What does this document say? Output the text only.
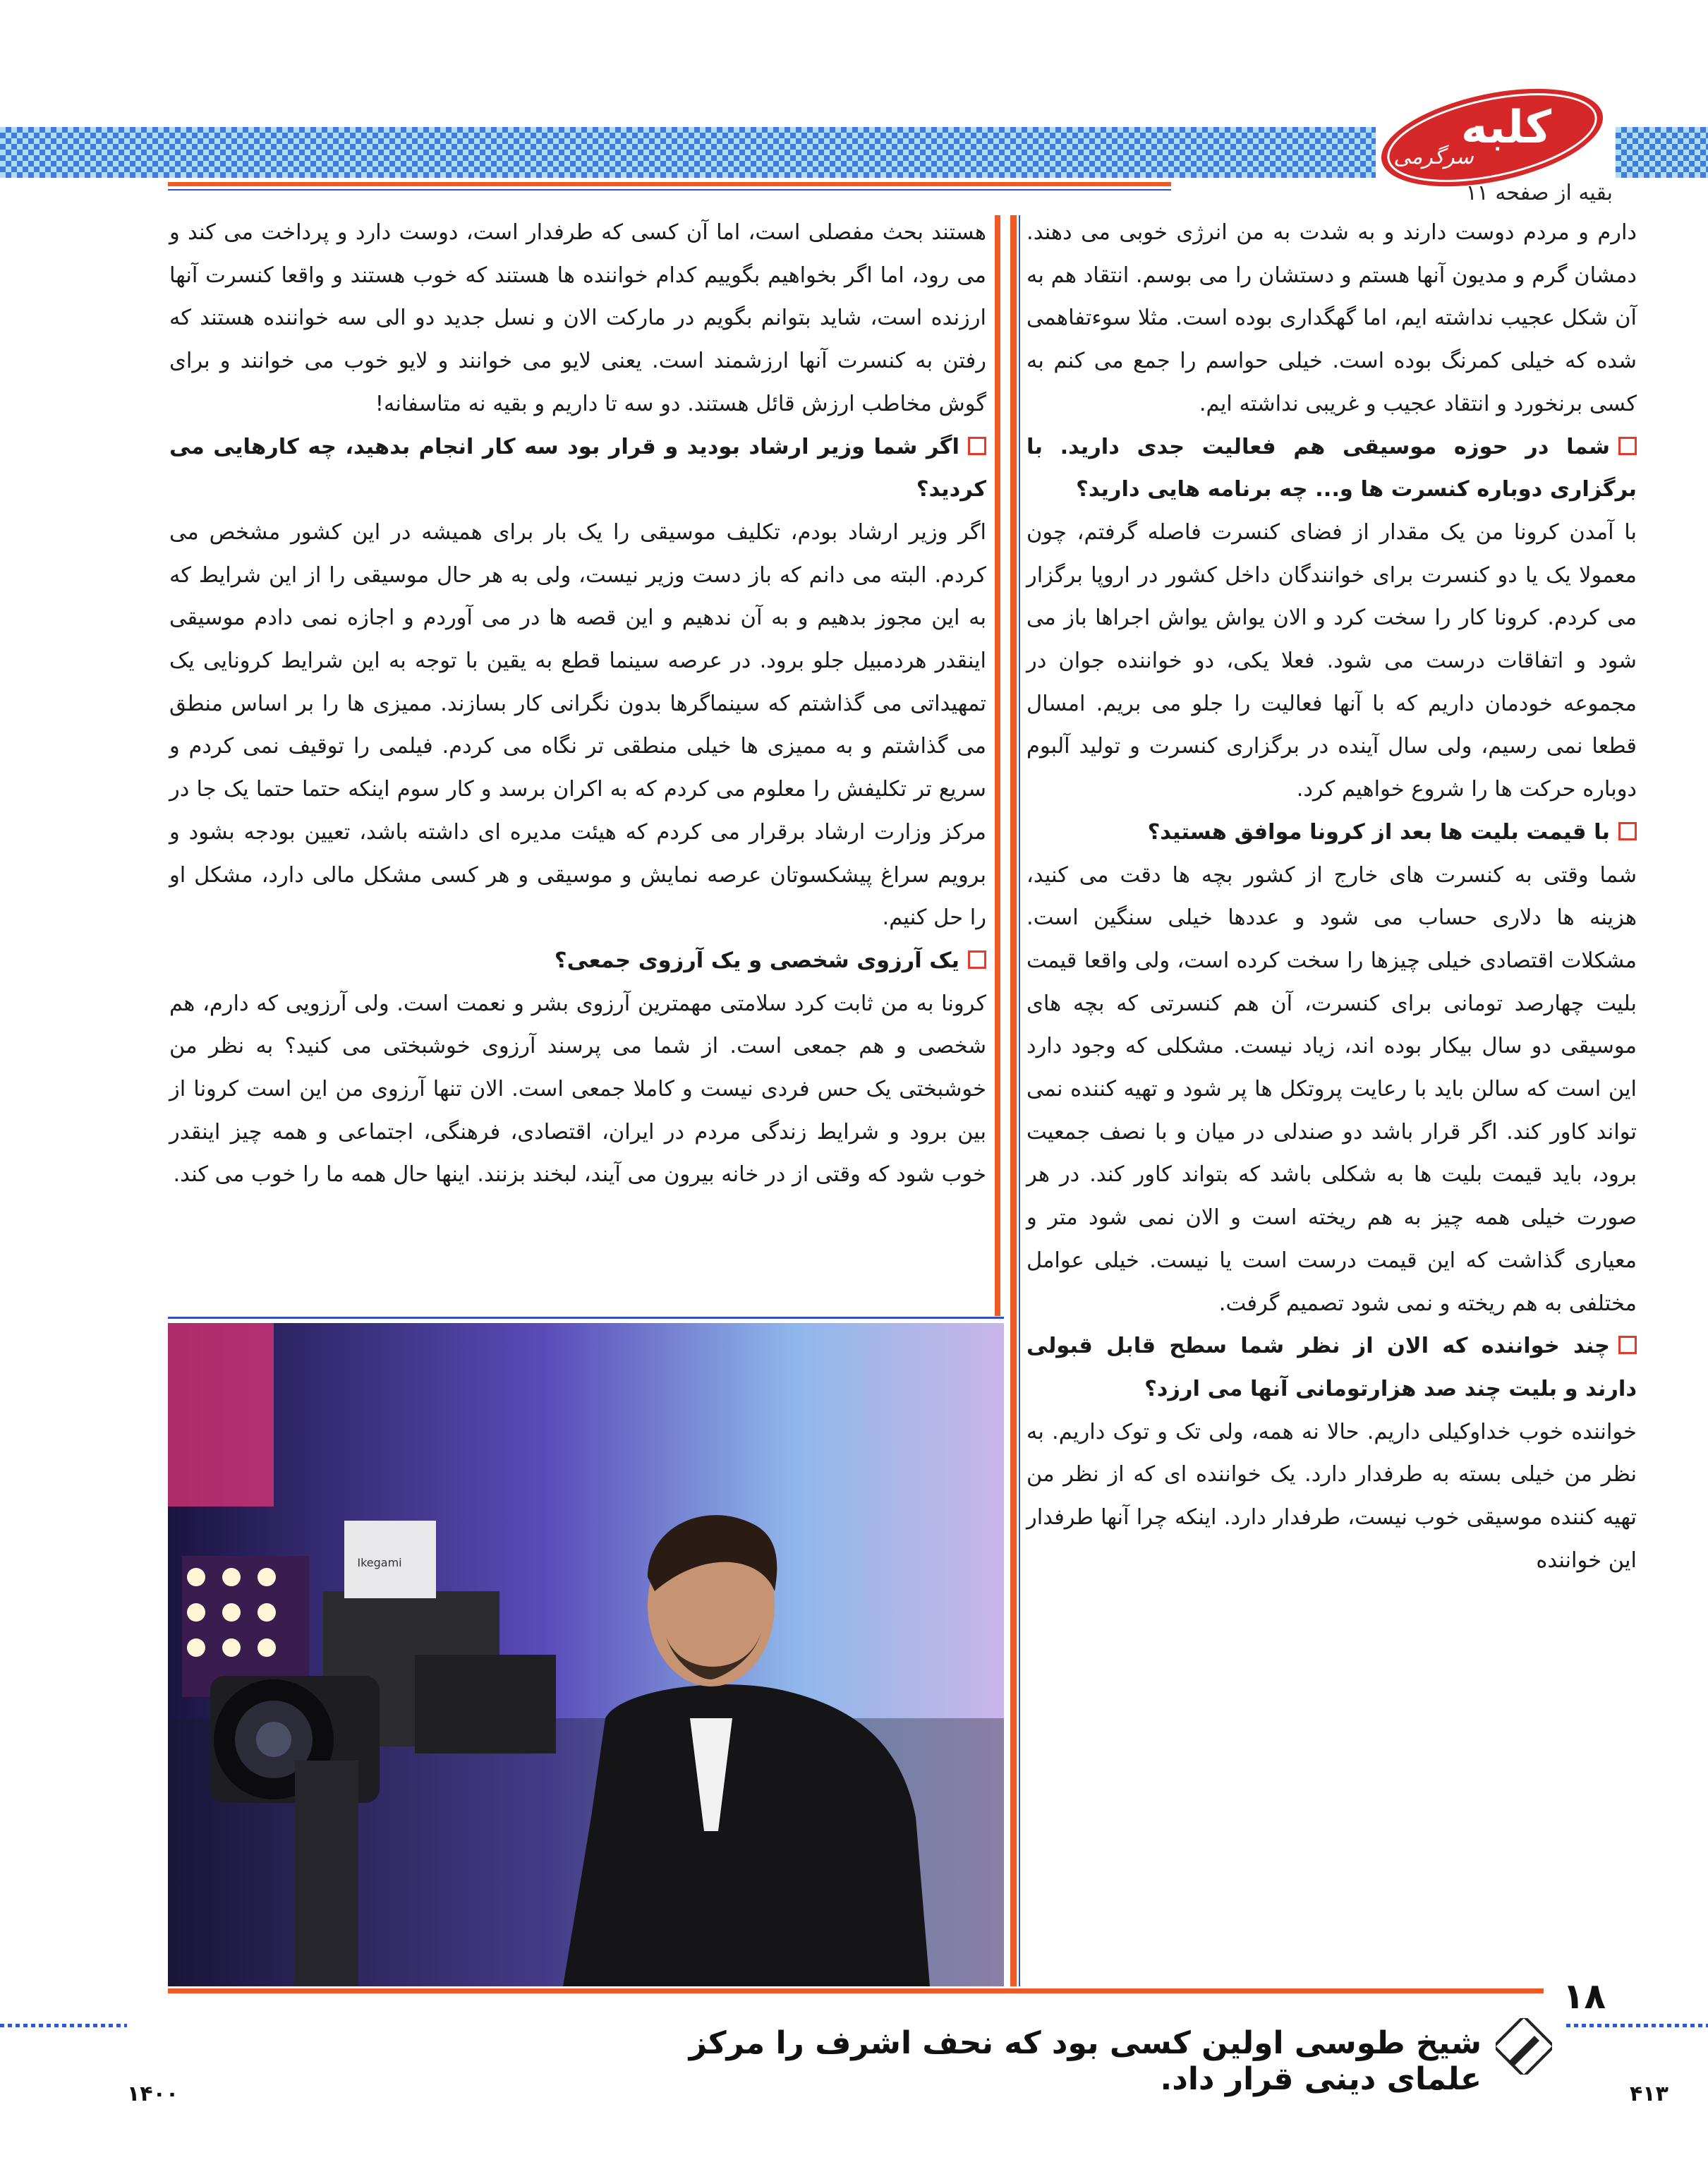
کلبه
سرگرمی
بقیه از صفحه ۱۱

دارم و مردم دوست دارند و به شدت به من انرژی خوبی می دهند. دمشان گرم و مدیون آنها هستم و دستشان را می بوسم. انتقاد هم به آن شکل عجیب نداشته ایم، اما گهگداری بوده است. مثلا سوءتفاهمی شده که خیلی کمرنگ بوده است. خیلی حواسم را جمع می کنم به کسی برنخورد و انتقاد عجیب و غریبی نداشته ایم.

شما در حوزه موسیقی هم فعالیت جدی دارید. با برگزاری دوباره کنسرت ها و... چه برنامه هایی دارید؟

با آمدن کرونا من یک مقدار از فضای کنسرت فاصله گرفتم، چون معمولا یک یا دو کنسرت برای خوانندگان داخل کشور در اروپا برگزار می کردم. کرونا کار را سخت کرد و الان یواش یواش اجراها باز می شود و اتفاقات درست می شود. فعلا یکی، دو خواننده جوان در مجموعه خودمان داریم که با آنها فعالیت را جلو می بریم. امسال قطعا نمی رسیم، ولی سال آینده در برگزاری کنسرت و تولید آلبوم دوباره حرکت ها را شروع خواهیم کرد.

با قیمت بلیت ها بعد از کرونا موافق هستید؟

شما وقتی به کنسرت های خارج از کشور بچه ها دقت می کنید، هزینه ها دلاری حساب می شود و عددها خیلی سنگین است. مشکلات اقتصادی خیلی چیزها را سخت کرده است، ولی واقعا قیمت بلیت چهارصد تومانی برای کنسرت، آن هم کنسرتی که بچه های موسیقی دو سال بیکار بوده اند، زیاد نیست. مشکلی که وجود دارد این است که سالن باید با رعایت پروتکل ها پر شود و تهیه کننده نمی تواند کاور کند. اگر قرار باشد دو صندلی در میان و با نصف جمعیت برود، باید قیمت بلیت ها به شکلی باشد که بتواند کاور کند. در هر صورت خیلی همه چیز به هم ریخته است و الان نمی شود متر و معیاری گذاشت که این قیمت درست است یا نیست. خیلی عوامل مختلفی به هم ریخته و نمی شود تصمیم گرفت.

چند خواننده که الان از نظر شما سطح قابل قبولی دارند و بلیت چند صد هزارتومانی آنها می ارزد؟

خواننده خوب خداوکیلی داریم. حالا نه همه، ولی تک و توک داریم. به نظر من خیلی بسته به طرفدار دارد. یک خواننده ای که از نظر من تهیه کننده موسیقی خوب نیست، طرفدار دارد. اینکه چرا آنها طرفدار این خواننده

هستند بحث مفصلی است، اما آن کسی که طرفدار است، دوست دارد و پرداخت می کند و می رود، اما اگر بخواهیم بگوییم کدام خواننده ها هستند که خوب هستند و واقعا کنسرت آنها ارزنده است، شاید بتوانم بگویم در مارکت الان و نسل جدید دو الی سه خواننده هستند که رفتن به کنسرت آنها ارزشمند است. یعنی لایو می خوانند و لایو خوب می خوانند و برای گوش مخاطب ارزش قائل هستند. دو سه تا داریم و بقیه نه متاسفانه!

اگر شما وزیر ارشاد بودید و قرار بود سه کار انجام بدهید، چه کارهایی می کردید؟

اگر وزیر ارشاد بودم، تکلیف موسیقی را یک بار برای همیشه در این کشور مشخص می کردم. البته می دانم که باز دست وزیر نیست، ولی به هر حال موسیقی را از این شرایط که به این مجوز بدهیم و به آن ندهیم و این قصه ها در می آوردم و اجازه نمی دادم موسیقی اینقدر هردمبیل جلو برود. در عرصه سینما قطع به یقین با توجه به این شرایط کرونایی یک تمهیداتی می گذاشتم که سینماگرها بدون نگرانی کار بسازند. ممیزی ها را بر اساس منطق می گذاشتم و به ممیزی ها خیلی منطقی تر نگاه می کردم. فیلمی را توقیف نمی کردم و سریع تر تکلیفش را معلوم می کردم که به اکران برسد و کار سوم اینکه حتما حتما یک جا در مرکز وزارت ارشاد برقرار می کردم که هیئت مدیره ای داشته باشد، تعیین بودجه بشود و برویم سراغ پیشکسوتان عرصه نمایش و موسیقی و هر کسی مشکل مالی دارد، مشکل او را حل کنیم.

یک آرزوی شخصی و یک آرزوی جمعی؟

کرونا به من ثابت کرد سلامتی مهمترین آرزوی بشر و نعمت است. ولی آرزویی که دارم، هم شخصی و هم جمعی است. از شما می پرسند آرزوی خوشبختی می کنید؟ به نظر من خوشبختی یک حس فردی نیست و کاملا جمعی است. الان تنها آرزوی من این است کرونا از بین برود و شرایط زندگی مردم در ایران، اقتصادی، فرهنگی، اجتماعی و همه چیز اینقدر خوب شود که وقتی از در خانه بیرون می آیند، لبخند بزنند. اینها حال همه ما را خوب می کند.

Ikegami
۱۸
شیخ طوسی اولین کسی بود که نحف اشرف را مرکز علمای دینی قرار داد.	۴۱۳
۱۴۰۰
